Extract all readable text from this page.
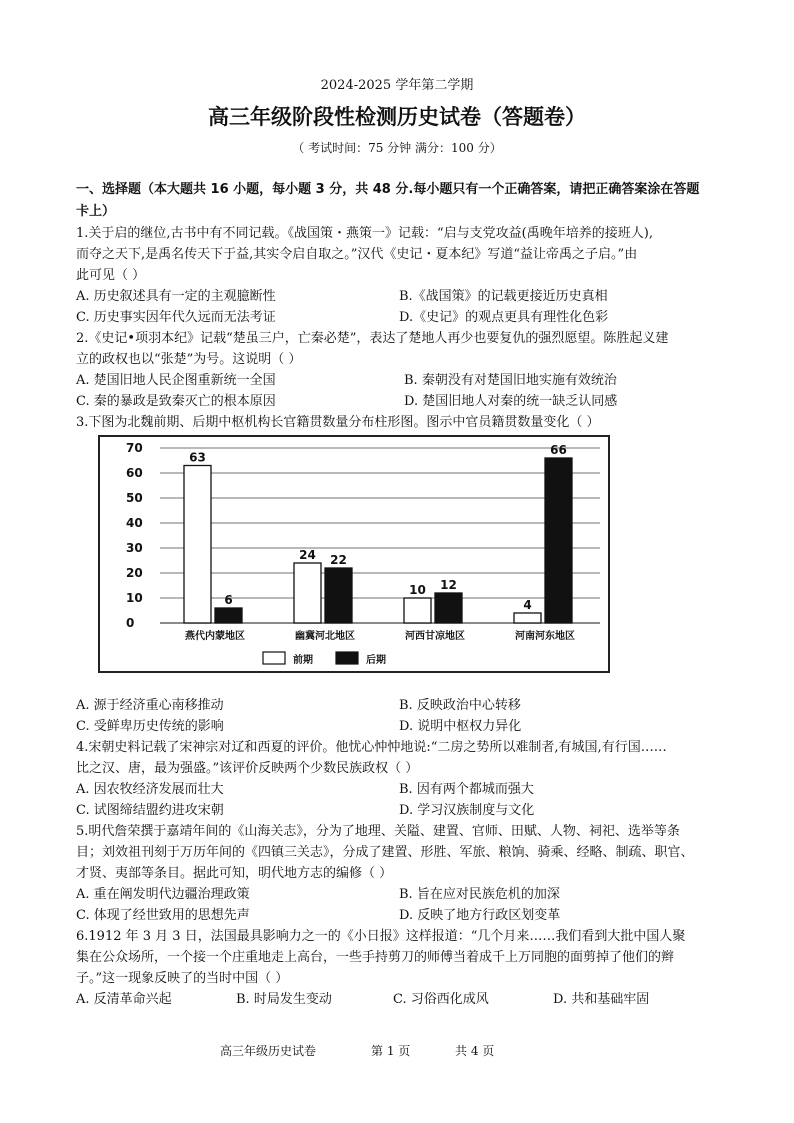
2024-2025 学年第二学期
高三年级阶段性检测历史试卷（答题卷）
（ 考试时间：75 分钟 满分：100 分）
一、选择题（本大题共 16 小题，每小题 3 分，共 48 分.每小题只有一个正确答案，请把正确答案涂在答题
卡上）
1.关于启的继位,古书中有不同记载。《战国策・燕策一》记载：“启与支党攻益(禹晚年培养的接班人),
而夺之天下,是禹名传天下于益,其实令启自取之。”汉代《史记・夏本纪》写道“益让帝禹之子启。”由
此可见（ ）
A. 历史叙述具有一定的主观臆断性	B.《战国策》的记载更接近历史真相
C. 历史事实因年代久远而无法考证	D.《史记》的观点更具有理性化色彩
2.《史记•项羽本纪》记载“楚虽三户，亡秦必楚”，表达了楚地人再少也要复仇的强烈愿望。陈胜起义建
立的政权也以“张楚”为号。这说明（ ）
A. 楚国旧地人民企图重新统一全国	B. 秦朝没有对楚国旧地实施有效统治
C. 秦的暴政是致秦灭亡的根本原因	D. 楚国旧地人对秦的统一缺乏认同感
3.下图为北魏前期、后期中枢机构长官籍贯数量分布柱形图。图示中官员籍贯数量变化（ ）
0
10
20
30
40
50
60
70
63
6
燕代内蒙地区
24 22
幽冀河北地区
10 12
河西甘凉地区
4
66
河南河东地区
前期	后期
A. 源于经济重心南移推动	B. 反映政治中心转移
C. 受鲜卑历史传统的影响	D. 说明中枢权力异化
4.宋朝史料记载了宋神宗对辽和西夏的评价。他忧心忡忡地说:“二房之势所以难制者,有城国,有行国……
比之汉、唐，最为强盛。”该评价反映两个少数民族政权（ ）
A. 因农牧经济发展而壮大	B. 因有两个都城而强大
C. 试图缔结盟约进攻宋朝	D. 学习汉族制度与文化
5.明代詹荣撰于嘉靖年间的《山海关志》，分为了地理、关隘、建置、官师、田赋、人物、祠祀、选举等条
目；刘效祖刊刻于万历年间的《四镇三关志》，分成了建置、形胜、军旅、粮饷、骑乘、经略、制疏、职官、
才贤、夷部等条目。据此可知，明代地方志的编修（ ）
A. 重在阐发明代边疆治理政策	B. 旨在应对民族危机的加深
C. 体现了经世致用的思想先声	D. 反映了地方行政区划变革
6.1912 年 3 月 3 日，法国最具影响力之一的《小日报》这样报道：“几个月来……我们看到大批中国人聚
集在公众场所，一个接一个庄重地走上高台，一些手持剪刀的师傅当着成千上万同胞的面剪掉了他们的辫
子。”这一现象反映了的当时中国（ ）
A. 反清革命兴起	B. 时局发生变动	C. 习俗西化成风	D. 共和基础牢固
高三年级历史试卷	第 1 页	共 4 页
